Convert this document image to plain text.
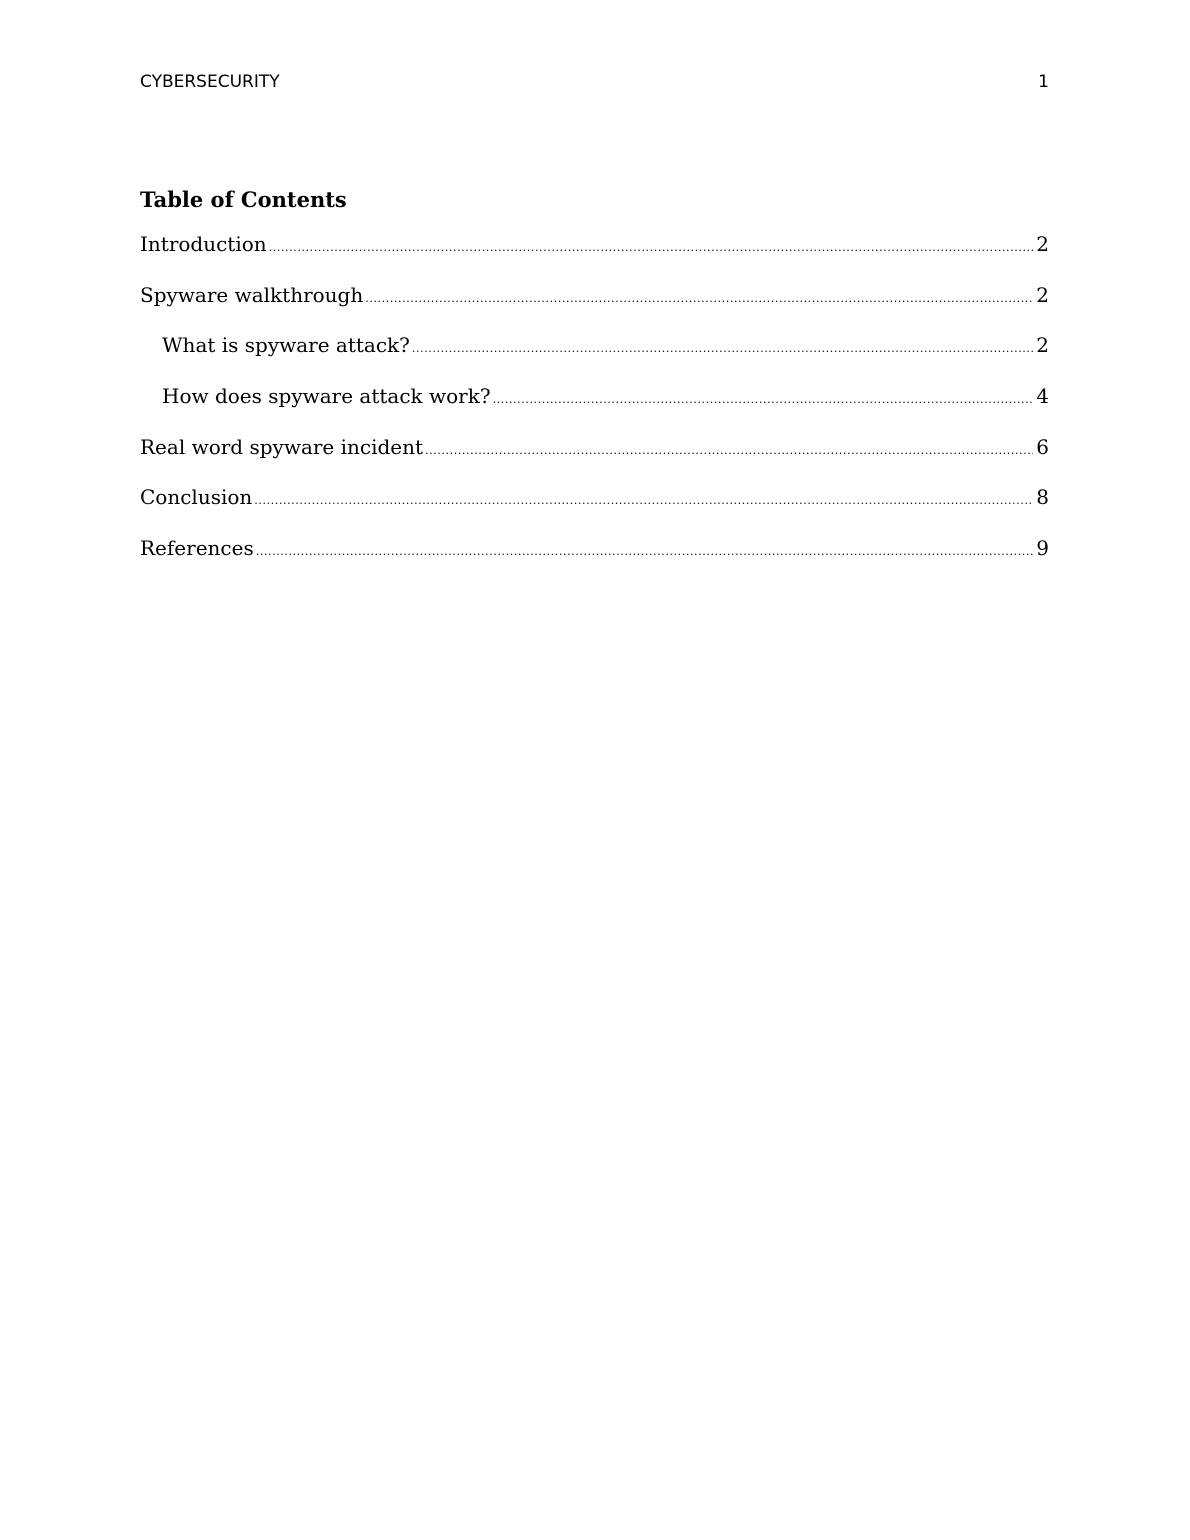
CYBERSECURITY	1
Table of Contents
Introduction .....	2
Spyware walkthrough .....	2
What is spyware attack? .....	2
How does spyware attack work? .....	4
Real word spyware incident .....	6
Conclusion .....	8
References .....	9
